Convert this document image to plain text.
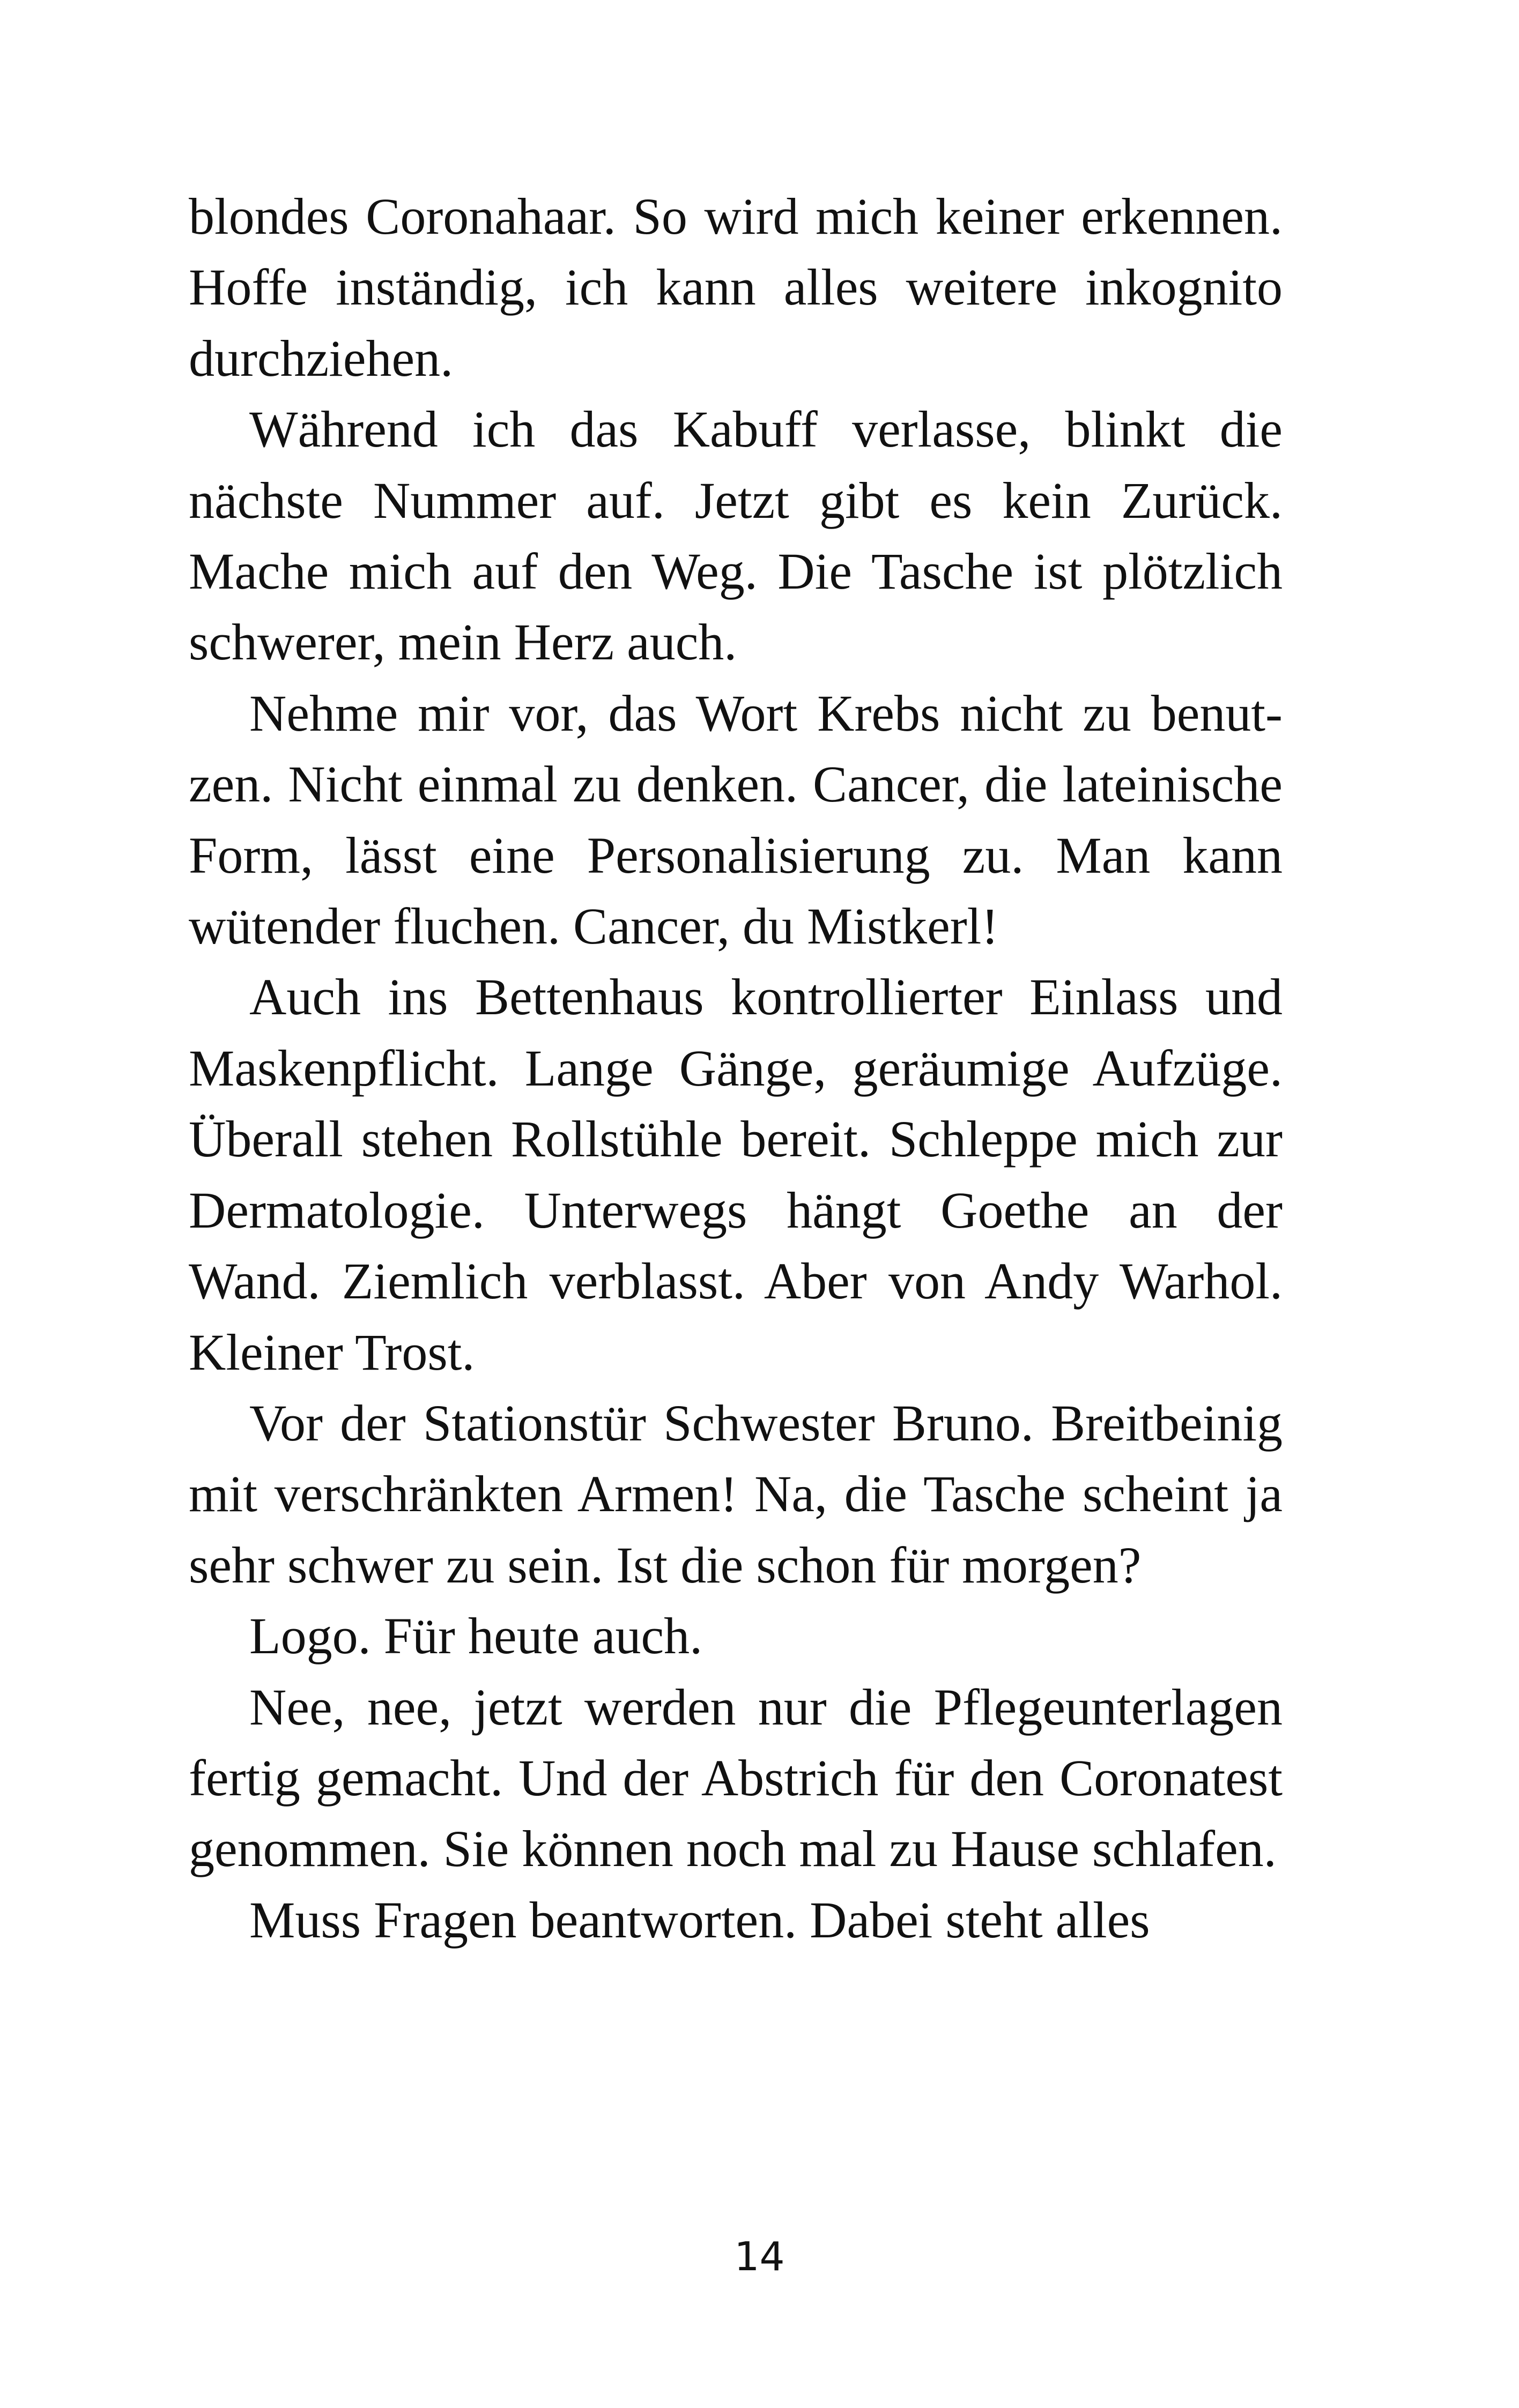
blondes Coronahaar. So wird mich keiner erkennen. Hoffe inständig, ich kann alles weitere inkognito durchziehen.

Während ich das Kabuff verlasse, blinkt die nächste Nummer auf. Jetzt gibt es kein Zurück. Mache mich auf den Weg. Die Tasche ist plötzlich schwerer, mein Herz auch.

Nehme mir vor, das Wort Krebs nicht zu benutzen. Nicht einmal zu denken. Cancer, die lateinische Form, lässt eine Personalisierung zu. Man kann wütender fluchen. Cancer, du Mistkerl!

Auch ins Bettenhaus kontrollierter Einlass und Maskenpflicht. Lange Gänge, geräumige Aufzüge. Überall stehen Rollstühle bereit. Schleppe mich zur Dermatologie. Unterwegs hängt Goethe an der Wand. Ziemlich verblasst. Aber von Andy Warhol. Kleiner Trost.

Vor der Stationstür Schwester Bruno. Breitbeinig mit verschränkten Armen! Na, die Tasche scheint ja sehr schwer zu sein. Ist die schon für morgen?

Logo. Für heute auch.

Nee, nee, jetzt werden nur die Pflegeunterlagen fertig gemacht. Und der Abstrich für den Coronatest genommen. Sie können noch mal zu Hause schlafen.

Muss Fragen beantworten. Dabei steht alles

14
